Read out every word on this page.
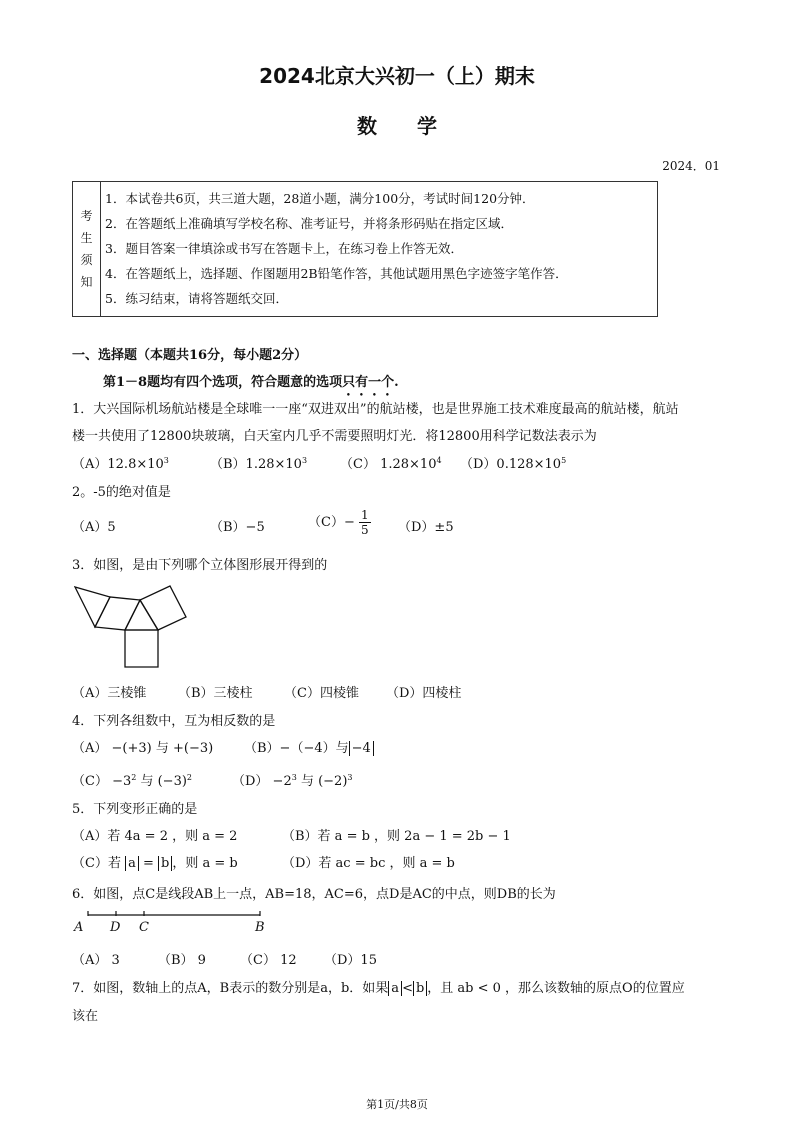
2024北京大兴初一（上）期末
数学
2024．01
考
生
须
知
1．本试卷共6页，共三道大题，28道小题，满分100分，考试时间120分钟．
2．在答题纸上准确填写学校名称、准考证号，并将条形码贴在指定区域．
3．题目答案一律填涂或书写在答题卡上，在练习卷上作答无效．
4．在答题纸上，选择题、作图题用2B铅笔作答，其他试题用黑色字迹签字笔作答．
5．练习结束，请将答题纸交回．
一、选择题（本题共16分，每小题2分）
第1－8题均有四个选项，符合题意的选项只有一个.
1．大兴国际机场航站楼是全球唯一一座“双进双出”的航站楼，也是世界施工技术难度最高的航站楼，航站
楼一共使用了12800块玻璃，白天室内几乎不需要照明灯光．将12800用科学记数法表示为
$(A)12.8\times 10^3$	$(B)1.28\times 10^3$	（C） $1.28\times 10^4$ $(D)0.128\times 10^5$
2。-5的绝对值是
（A）5	（B）−5	$(C)- \frac{1}{5} (D)\pm 5$
3．如图，是由下列哪个立体图形展开得到的
（A）三棱锥 （B）三棱柱 （C）四棱锥 （D）四棱柱
4．下列各组数中，互为相反数的是
（A） −(+3) 与 +(−3) （B）−（−4）与 −4
$(C) -3^2$ 与 $(-3)^2$	$(D) -2^3$ 与 $(-2)^3$
5．下列变形正确的是
（A）若 4a = 2 ，则 a = 2	（B）若 a = b ，则 2a − 1 = 2b − 1
（C）若 a = b ，则 a = b	（D）若 ac = bc ，则 a = b
6．如图，点C是线段AB上一点，AB=18，AC=6，点D是AC的中点，则DB的长为
A D C	B
（A） 3	（B） 9	（C） 12 （D）15
7．如图，数轴上的点A，B表示的数分别是a，b．如果 a < b ，且 ab < 0 ，那么该数轴的原点O的位置应
该在
第1页/共8页
